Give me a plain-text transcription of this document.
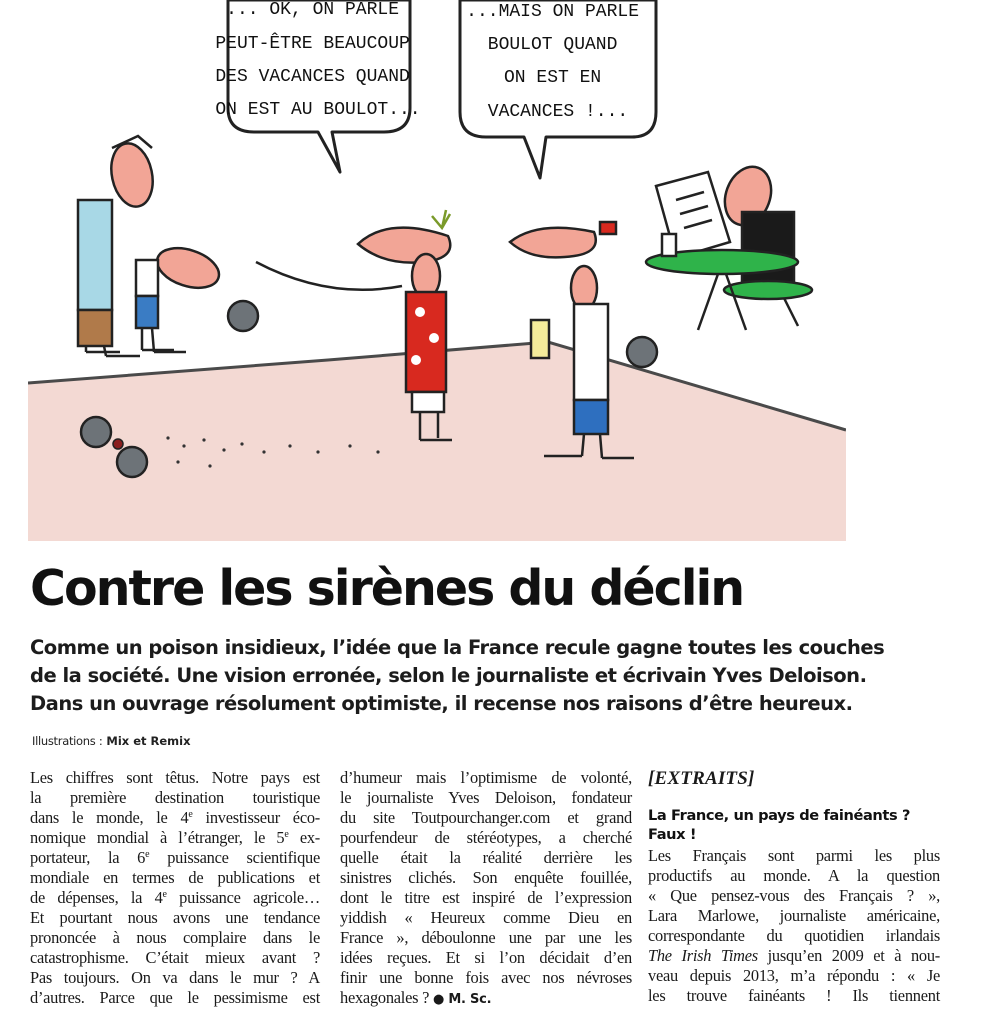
... OK, ON PARLE PEUT-ÊTRE BEAUCOUP DES VACANCES QUAND ON EST AU BOULOT...
...MAIS ON PARLE BOULOT QUAND ON EST EN VACANCES !...
Contre les sirènes du déclin
Comme un poison insidieux, l’idée que la France recule gagne toutes les couches
de la société. Une vision erronée, selon le journaliste et écrivain Yves Deloison.
Dans un ouvrage résolument optimiste, il recense nos raisons d’être heureux.
Illustrations : Mix et Remix
Les chiffres sont têtus. Notre pays est
la première destination touristique
dans le monde, le 4e investisseur éco-
nomique mondial à l’étranger, le 5e ex-
portateur, la 6e puissance scientifique
mondiale en termes de publications et
de dépenses, la 4e puissance agricole…
Et pourtant nous avons une tendance
prononcée à nous complaire dans le
catastrophisme. C’était mieux avant ?
Pas toujours. On va dans le mur ? A
d’autres. Parce que le pessimisme est
d’humeur mais l’optimisme de volonté,
le journaliste Yves Deloison, fondateur
du site Toutpourchanger.com et grand
pourfendeur de stéréotypes, a cherché
quelle était la réalité derrière les
sinistres clichés. Son enquête fouillée,
dont le titre est inspiré de l’expression
yiddish « Heureux comme Dieu en
France », déboulonne une par une les
idées reçues. Et si l’on décidait d’en
finir une bonne fois avec nos névroses
hexagonales ? ● M. Sc.
[EXTRAITS]
La France, un pays de fainéants ?
Faux !
Les Français sont parmi les plus
productifs au monde. A la question
« Que pensez-vous des Français ? »,
Lara Marlowe, journaliste américaine,
correspondante du quotidien irlandais
The Irish Times jusqu’en 2009 et à nou-
veau depuis 2013, m’a répondu : « Je
les trouve fainéants ! Ils tiennent
